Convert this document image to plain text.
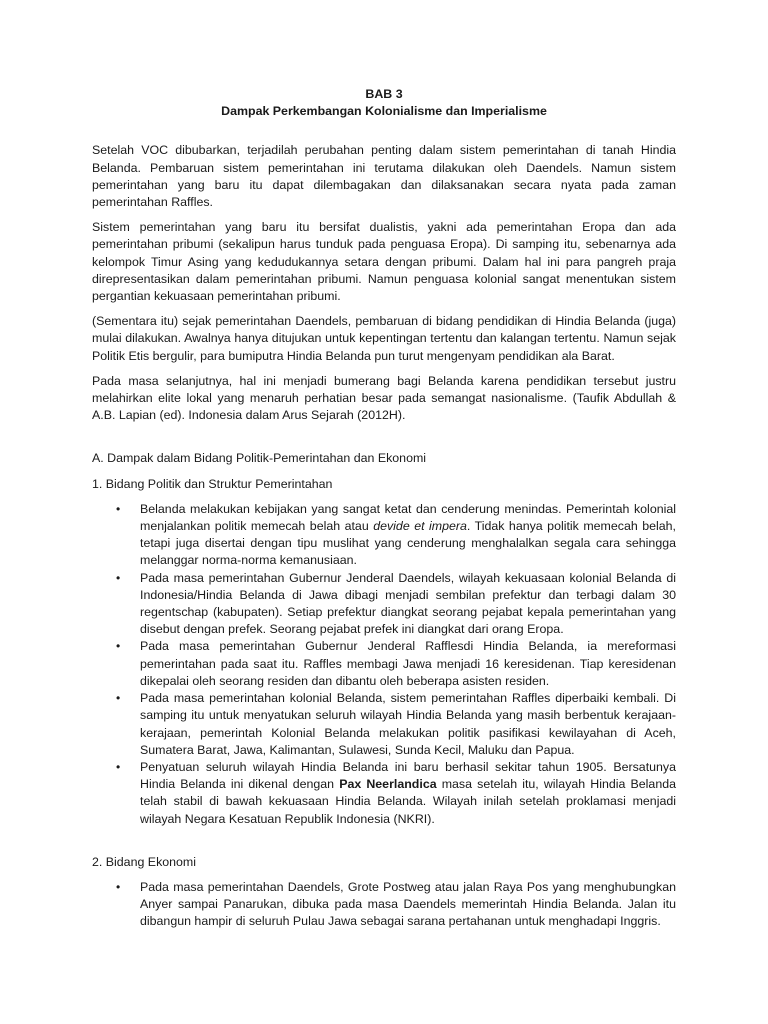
BAB 3

Dampak Perkembangan Kolonialisme dan Imperialisme

Setelah VOC dibubarkan, terjadilah perubahan penting dalam sistem pemerintahan di tanah Hindia Belanda. Pembaruan sistem pemerintahan ini terutama dilakukan oleh Daendels. Namun sistem pemerintahan yang baru itu dapat dilembagakan dan dilaksanakan secara nyata pada zaman pemerintahan Raffles.

Sistem pemerintahan yang baru itu bersifat dualistis, yakni ada pemerintahan Eropa dan ada pemerintahan pribumi (sekalipun harus tunduk pada penguasa Eropa). Di samping itu, sebenarnya ada kelompok Timur Asing yang kedudukannya setara dengan pribumi. Dalam hal ini para pangreh praja direpresentasikan dalam pemerintahan pribumi. Namun penguasa kolonial sangat menentukan sistem pergantian kekuasaan pemerintahan pribumi.

(Sementara itu) sejak pemerintahan Daendels, pembaruan di bidang pendidikan di Hindia Belanda (juga) mulai dilakukan. Awalnya hanya ditujukan untuk kepentingan tertentu dan kalangan tertentu. Namun sejak Politik Etis bergulir, para bumiputra Hindia Belanda pun turut mengenyam pendidikan ala Barat.

Pada masa selanjutnya, hal ini menjadi bumerang bagi Belanda karena pendidikan tersebut justru melahirkan elite lokal yang menaruh perhatian besar pada semangat nasionalisme. (Taufik Abdullah & A.B. Lapian (ed). Indonesia dalam Arus Sejarah (2012H).

A. Dampak dalam Bidang Politik-Pemerintahan dan Ekonomi

1. Bidang Politik dan Struktur Pemerintahan

• Belanda melakukan kebijakan yang sangat ketat dan cenderung menindas. Pemerintah kolonial menjalankan politik memecah belah atau devide et impera. Tidak hanya politik memecah belah, tetapi juga disertai dengan tipu muslihat yang cenderung menghalalkan segala cara sehingga melanggar norma-norma kemanusiaan.
• Pada masa pemerintahan Gubernur Jenderal Daendels, wilayah kekuasaan kolonial Belanda di Indonesia/Hindia Belanda di Jawa dibagi menjadi sembilan prefektur dan terbagi dalam 30 regentschap (kabupaten). Setiap prefektur diangkat seorang pejabat kepala pemerintahan yang disebut dengan prefek. Seorang pejabat prefek ini diangkat dari orang Eropa.
• Pada masa pemerintahan Gubernur Jenderal Rafflesdi Hindia Belanda, ia mereformasi pemerintahan pada saat itu. Raffles membagi Jawa menjadi 16 keresidenan. Tiap keresidenan dikepalai oleh seorang residen dan dibantu oleh beberapa asisten residen.
• Pada masa pemerintahan kolonial Belanda, sistem pemerintahan Raffles diperbaiki kembali. Di samping itu untuk menyatukan seluruh wilayah Hindia Belanda yang masih berbentuk kerajaan-kerajaan, pemerintah Kolonial Belanda melakukan politik pasifikasi kewilayahan di Aceh, Sumatera Barat, Jawa, Kalimantan, Sulawesi, Sunda Kecil, Maluku dan Papua.
• Penyatuan seluruh wilayah Hindia Belanda ini baru berhasil sekitar tahun 1905. Bersatunya Hindia Belanda ini dikenal dengan Pax Neerlandica masa setelah itu, wilayah Hindia Belanda telah stabil di bawah kekuasaan Hindia Belanda. Wilayah inilah setelah proklamasi menjadi wilayah Negara Kesatuan Republik Indonesia (NKRI).

2. Bidang Ekonomi

• Pada masa pemerintahan Daendels, Grote Postweg atau jalan Raya Pos yang menghubungkan Anyer sampai Panarukan, dibuka pada masa Daendels memerintah Hindia Belanda. Jalan itu dibangun hampir di seluruh Pulau Jawa sebagai sarana pertahanan untuk menghadapi Inggris.
